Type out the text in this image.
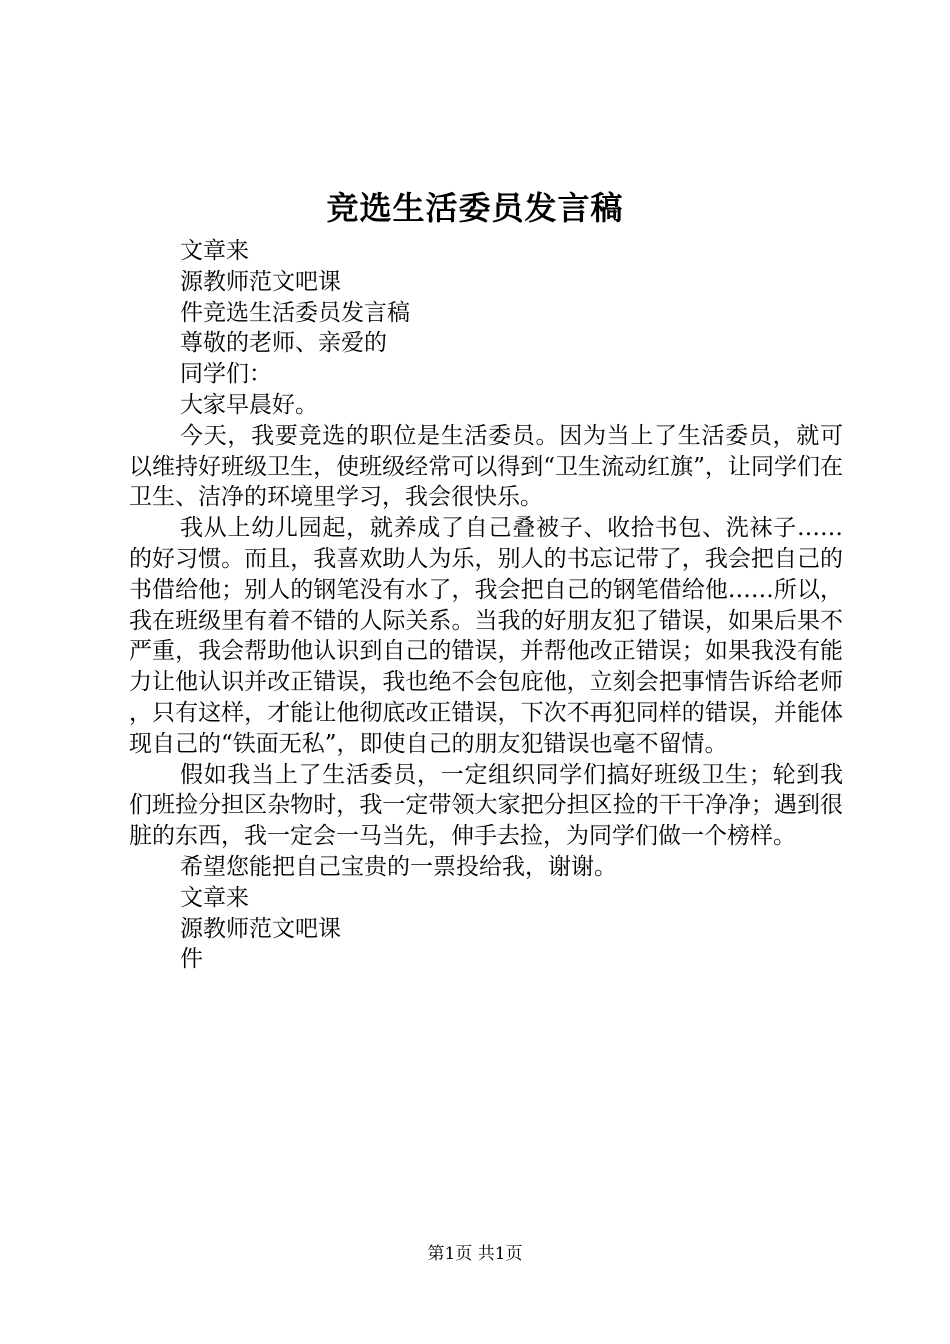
竞选生活委员发言稿

文章来

源教师范文吧课

件竞选生活委员发言稿

尊敬的老师、亲爱的

同学们：

大家早晨好。

今天，我要竞选的职位是生活委员。因为当上了生活委员，就可以维持好班级卫生，使班级经常可以得到“卫生流动红旗”，让同学们在卫生、洁净的环境里学习，我会很快乐。

我从上幼儿园起，就养成了自己叠被子、收拾书包、洗袜子……的好习惯。而且，我喜欢助人为乐，别人的书忘记带了，我会把自己的书借给他；别人的钢笔没有水了，我会把自己的钢笔借给他……所以，我在班级里有着不错的人际关系。当我的好朋友犯了错误，如果后果不严重，我会帮助他认识到自己的错误，并帮他改正错误；如果我没有能力让他认识并改正错误，我也绝不会包庇他，立刻会把事情告诉给老师，只有这样，才能让他彻底改正错误，下次不再犯同样的错误，并能体现自己的“铁面无私”，即使自己的朋友犯错误也毫不留情。

假如我当上了生活委员，一定组织同学们搞好班级卫生；轮到我们班捡分担区杂物时，我一定带领大家把分担区捡的干干净净；遇到很脏的东西，我一定会一马当先，伸手去捡，为同学们做一个榜样。

希望您能把自己宝贵的一票投给我，谢谢。

文章来

源教师范文吧课

件

第1页 共1页
